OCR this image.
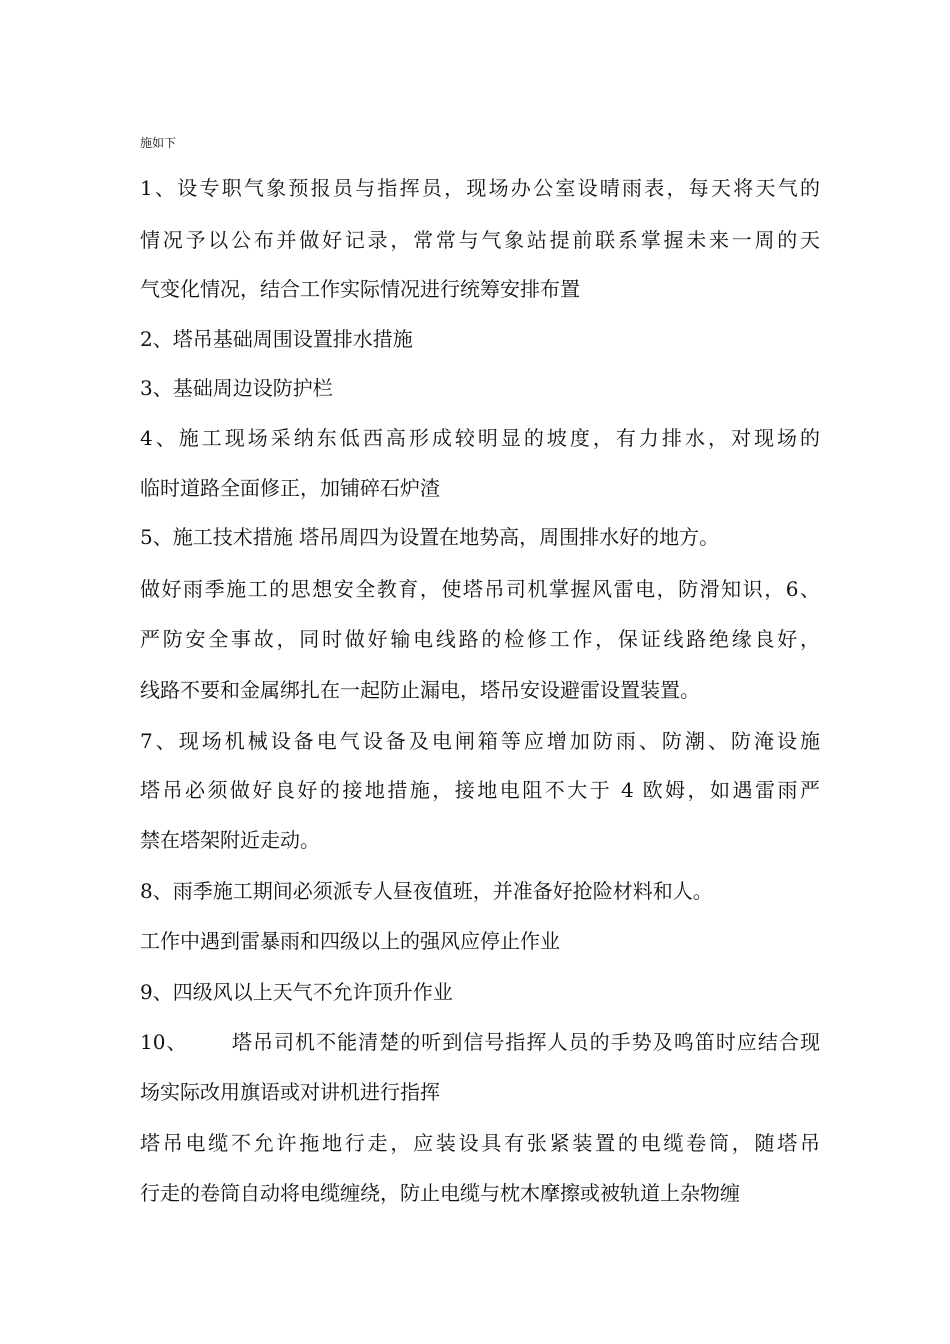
施如下
1、设专职气象预报员与指挥员，现场办公室设晴雨表，每天将天气的
情况予以公布并做好记录，常常与气象站提前联系掌握未来一周的天
气变化情况，结合工作实际情况进行统筹安排布置
2、塔吊基础周围设置排水措施
3、基础周边设防护栏
4、施工现场采纳东低西高形成较明显的坡度，有力排水，对现场的
临时道路全面修正，加铺碎石炉渣
5、施工技术措施 塔吊周四为设置在地势高，周围排水好的地方。
做好雨季施工的思想安全教育，使塔吊司机掌握风雷电，防滑知识，6、
严防安全事故，同时做好输电线路的检修工作，保证线路绝缘良好，
线路不要和金属绑扎在一起防止漏电，塔吊安设避雷设置装置。
7、现场机械设备电气设备及电闸箱等应增加防雨、防潮、防淹设施
塔吊必须做好良好的接地措施，接地电阻不大于 4 欧姆，如遇雷雨严
禁在塔架附近走动。
8、雨季施工期间必须派专人昼夜值班，并准备好抢险材料和人。
工作中遇到雷暴雨和四级以上的强风应停止作业
9、四级风以上天气不允许顶升作业
10、      塔吊司机不能清楚的听到信号指挥人员的手势及鸣笛时应结合现
场实际改用旗语或对讲机进行指挥
塔吊电缆不允许拖地行走，应装设具有张紧装置的电缆卷筒，随塔吊
行走的卷筒自动将电缆缠绕，防止电缆与枕木摩擦或被轨道上杂物缠
